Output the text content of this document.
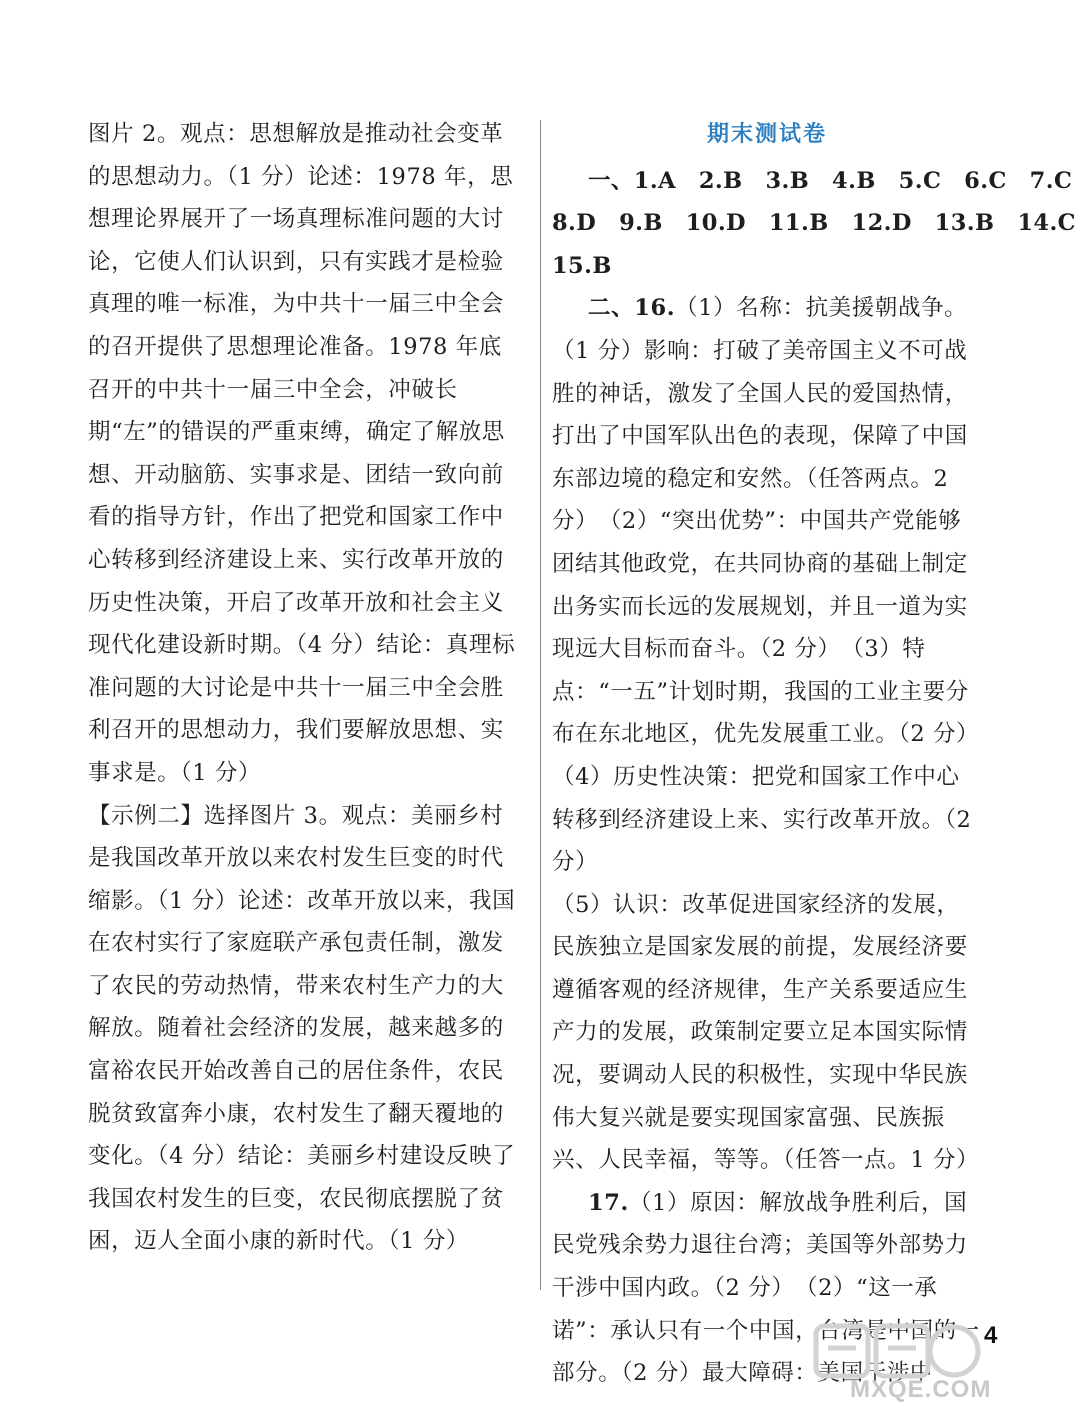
图片 2。观点：思想解放是推动社会变革的思想动力。（1 分）论述：1978 年，思想理论界展开了一场真理标准问题的大讨论，它使人们认识到，只有实践才是检验真理的唯一标准，为中共十一届三中全会的召开提供了思想理论准备。1978 年底召开的中共十一届三中全会，冲破长期“左”的错误的严重束缚，确定了解放思想、开动脑筋、实事求是、团结一致向前看的指导方针，作出了把党和国家工作中心转移到经济建设上来、实行改革开放的历史性决策，开启了改革开放和社会主义现代化建设新时期。（4 分）结论：真理标准问题的大讨论是中共十一届三中全会胜利召开的思想动力，我们要解放思想、实事求是。（1 分）

【示例二】选择图片 3。观点：美丽乡村是我国改革开放以来农村发生巨变的时代缩影。（1 分）论述：改革开放以来，我国在农村实行了家庭联产承包责任制，激发了农民的劳动热情，带来农村生产力的大解放。随着社会经济的发展，越来越多的富裕农民开始改善自己的居住条件，农民脱贫致富奔小康，农村发生了翻天覆地的变化。（4 分）结论：美丽乡村建设反映了我国农村发生的巨变，农民彻底摆脱了贫困，迈人全面小康的新时代。（1 分）

期末测试卷

一、1.A　2.B　3.B　4.B　5.C　6.C　7.C

8.D　9.B　10.D　11.B　12.D　13.B　14.C

15.B

二、16.（1）名称：抗美援朝战争。（1 分）影响：打破了美帝国主义不可战胜的神话，激发了全国人民的爱国热情，打出了中国军队出色的表现，保障了中国东部边境的稳定和安然。（任答两点。2 分）　（2）“突出优势”：中国共产党能够团结其他政党，在共同协商的基础上制定出务实而长远的发展规划，并且一道为实现远大目标而奋斗。（2 分）　（3）特点：“一五”计划时期，我国的工业主要分布在东北地区，优先发展重工业。（2 分）　（4）历史性决策：把党和国家工作中心转移到经济建设上来、实行改革开放。（2 分）

（5）认识：改革促进国家经济的发展，民族独立是国家发展的前提，发展经济要遵循客观的经济规律，生产关系要适应生产力的发展，政策制定要立足本国实际情况，要调动人民的积极性，实现中华民族伟大复兴就是要实现国家富强、民族振兴、人民幸福，等等。（任答一点。1 分）

17.（1）原因：解放战争胜利后，国民党残余势力退往台湾；美国等外部势力干涉中国内政。（2 分）　（2）“这一承诺”：承认只有一个中国，台湾是中国的一部分。（2 分）最大障碍：美国干涉中

4
MXQE.COM
